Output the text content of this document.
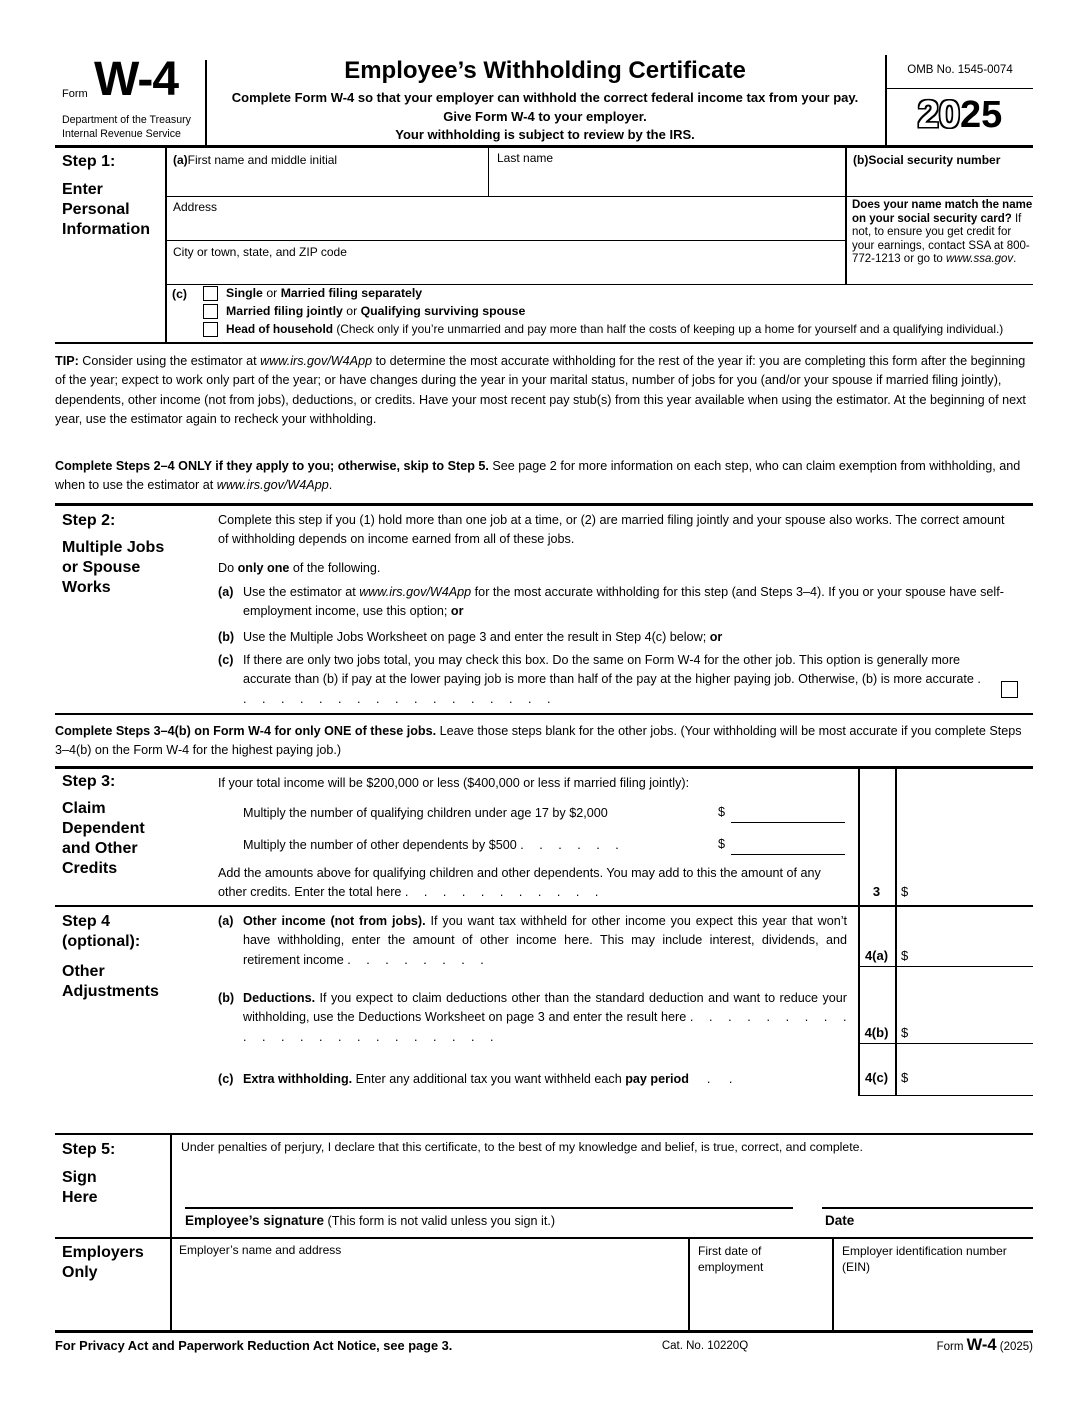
Form W-4
Department of the Treasury
Internal Revenue Service
Employee’s Withholding Certificate
Complete Form W-4 so that your employer can withhold the correct federal income tax from your pay.
Give Form W-4 to your employer.
Your withholding is subject to review by the IRS.
OMB No. 1545-0074
2025
Step 1:
Enter Personal Information
(a)First name and middle initial	Last name	(b)Social security number
Address
City or town, state, and ZIP code
Does your name match the name on your social security card? If not, to ensure you get credit for your earnings, contact SSA at 800-772-1213 or go to www.ssa.gov.
(c)	Single or Married filing separately
Married filing jointly or Qualifying surviving spouse
Head of household (Check only if you’re unmarried and pay more than half the costs of keeping up a home for yourself and a qualifying individual.)
TIP: Consider using the estimator at www.irs.gov/W4App to determine the most accurate withholding for the rest of the year if: you are completing this form after the beginning of the year; expect to work only part of the year; or have changes during the year in your marital status, number of jobs for you (and/or your spouse if married filing jointly), dependents, other income (not from jobs), deductions, or credits. Have your most recent pay stub(s) from this year available when using the estimator. At the beginning of next year, use the estimator again to recheck your withholding.
Complete Steps 2–4 ONLY if they apply to you; otherwise, skip to Step 5. See page 2 for more information on each step, who can claim exemption from withholding, and when to use the estimator at www.irs.gov/W4App.
Step 2:
Multiple Jobs or Spouse Works
Complete this step if you (1) hold more than one job at a time, or (2) are married filing jointly and your spouse also works. The correct amount of withholding depends on income earned from all of these jobs.
Do only one of the following.
(a) Use the estimator at www.irs.gov/W4App for the most accurate withholding for this step (and Steps 3–4). If you or your spouse have self-employment income, use this option; or
(b) Use the Multiple Jobs Worksheet on page 3 and enter the result in Step 4(c) below; or
(c) If there are only two jobs total, you may check this box. Do the same on Form W-4 for the other job. This option is generally more accurate than (b) if pay at the lower paying job is more than half of the pay at the higher paying job. Otherwise, (b) is more accurate . . . . . . . . . . . . . . . . . .
Complete Steps 3–4(b) on Form W-4 for only ONE of these jobs. Leave those steps blank for the other jobs. (Your withholding will be most accurate if you complete Steps 3–4(b) on the Form W-4 for the highest paying job.)
Step 3:
Claim Dependent and Other Credits
If your total income will be $200,000 or less ($400,000 or less if married filing jointly):
Multiply the number of qualifying children under age 17 by $2,000	$
Multiply the number of other dependents by $500 . . . . . .	$
Add the amounts above for qualifying children and other dependents. You may add to this the amount of any other credits. Enter the total here . . . . . . . . . . .	3	$
Step 4 (optional):
Other Adjustments
(a) Other income (not from jobs). If you want tax withheld for other income you expect this year that won’t have withholding, enter the amount of other income here. This may include interest, dividends, and retirement income . . . . . . . .	4(a) $
(b) Deductions. If you expect to claim deductions other than the standard deduction and want to reduce your withholding, use the Deductions Worksheet on page 3 and enter the result here . . . . . . . . . . . . . . . . . . . . . . .	4(b) $
(c) Extra withholding. Enter any additional tax you want withheld each pay period . .	4(c) $
Step 5:
Sign Here
Under penalties of perjury, I declare that this certificate, to the best of my knowledge and belief, is true, correct, and complete.
Employee’s signature (This form is not valid unless you sign it.)	Date
Employers Only
Employer’s name and address	First date of employment
Employer identification number (EIN)
For Privacy Act and Paperwork Reduction Act Notice, see page 3.	Cat. No. 10220Q	Form W-4 (2025)
